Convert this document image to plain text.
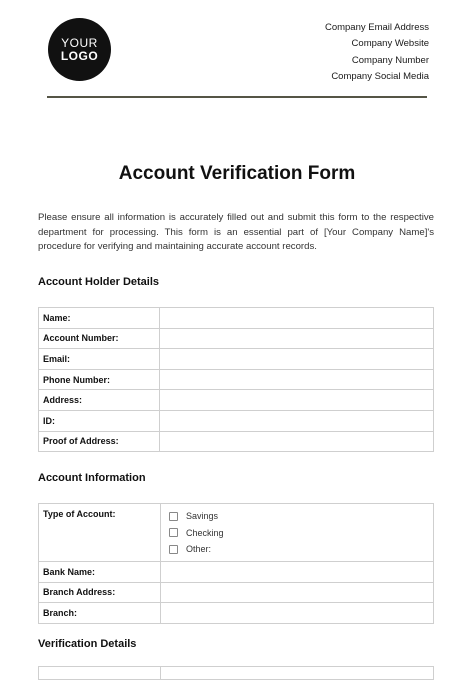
YOUR
LOGO
Company Email Address
Company Website
Company Number
Company Social Media
Account Verification Form
Please ensure all information is accurately filled out and submit this form to the respective department for processing. This form is an essential part of [Your Company Name]'s procedure for verifying and maintaining accurate account records.
Account Holder Details
Name:	
Account Number:	
Email:	
Phone Number:	
Address:	
ID:	
Proof of Address:	
Account Information
Type of Account:	Savings
Checking
Other:

Bank Name:	
Branch Address:	
Branch:	
Verification Details
